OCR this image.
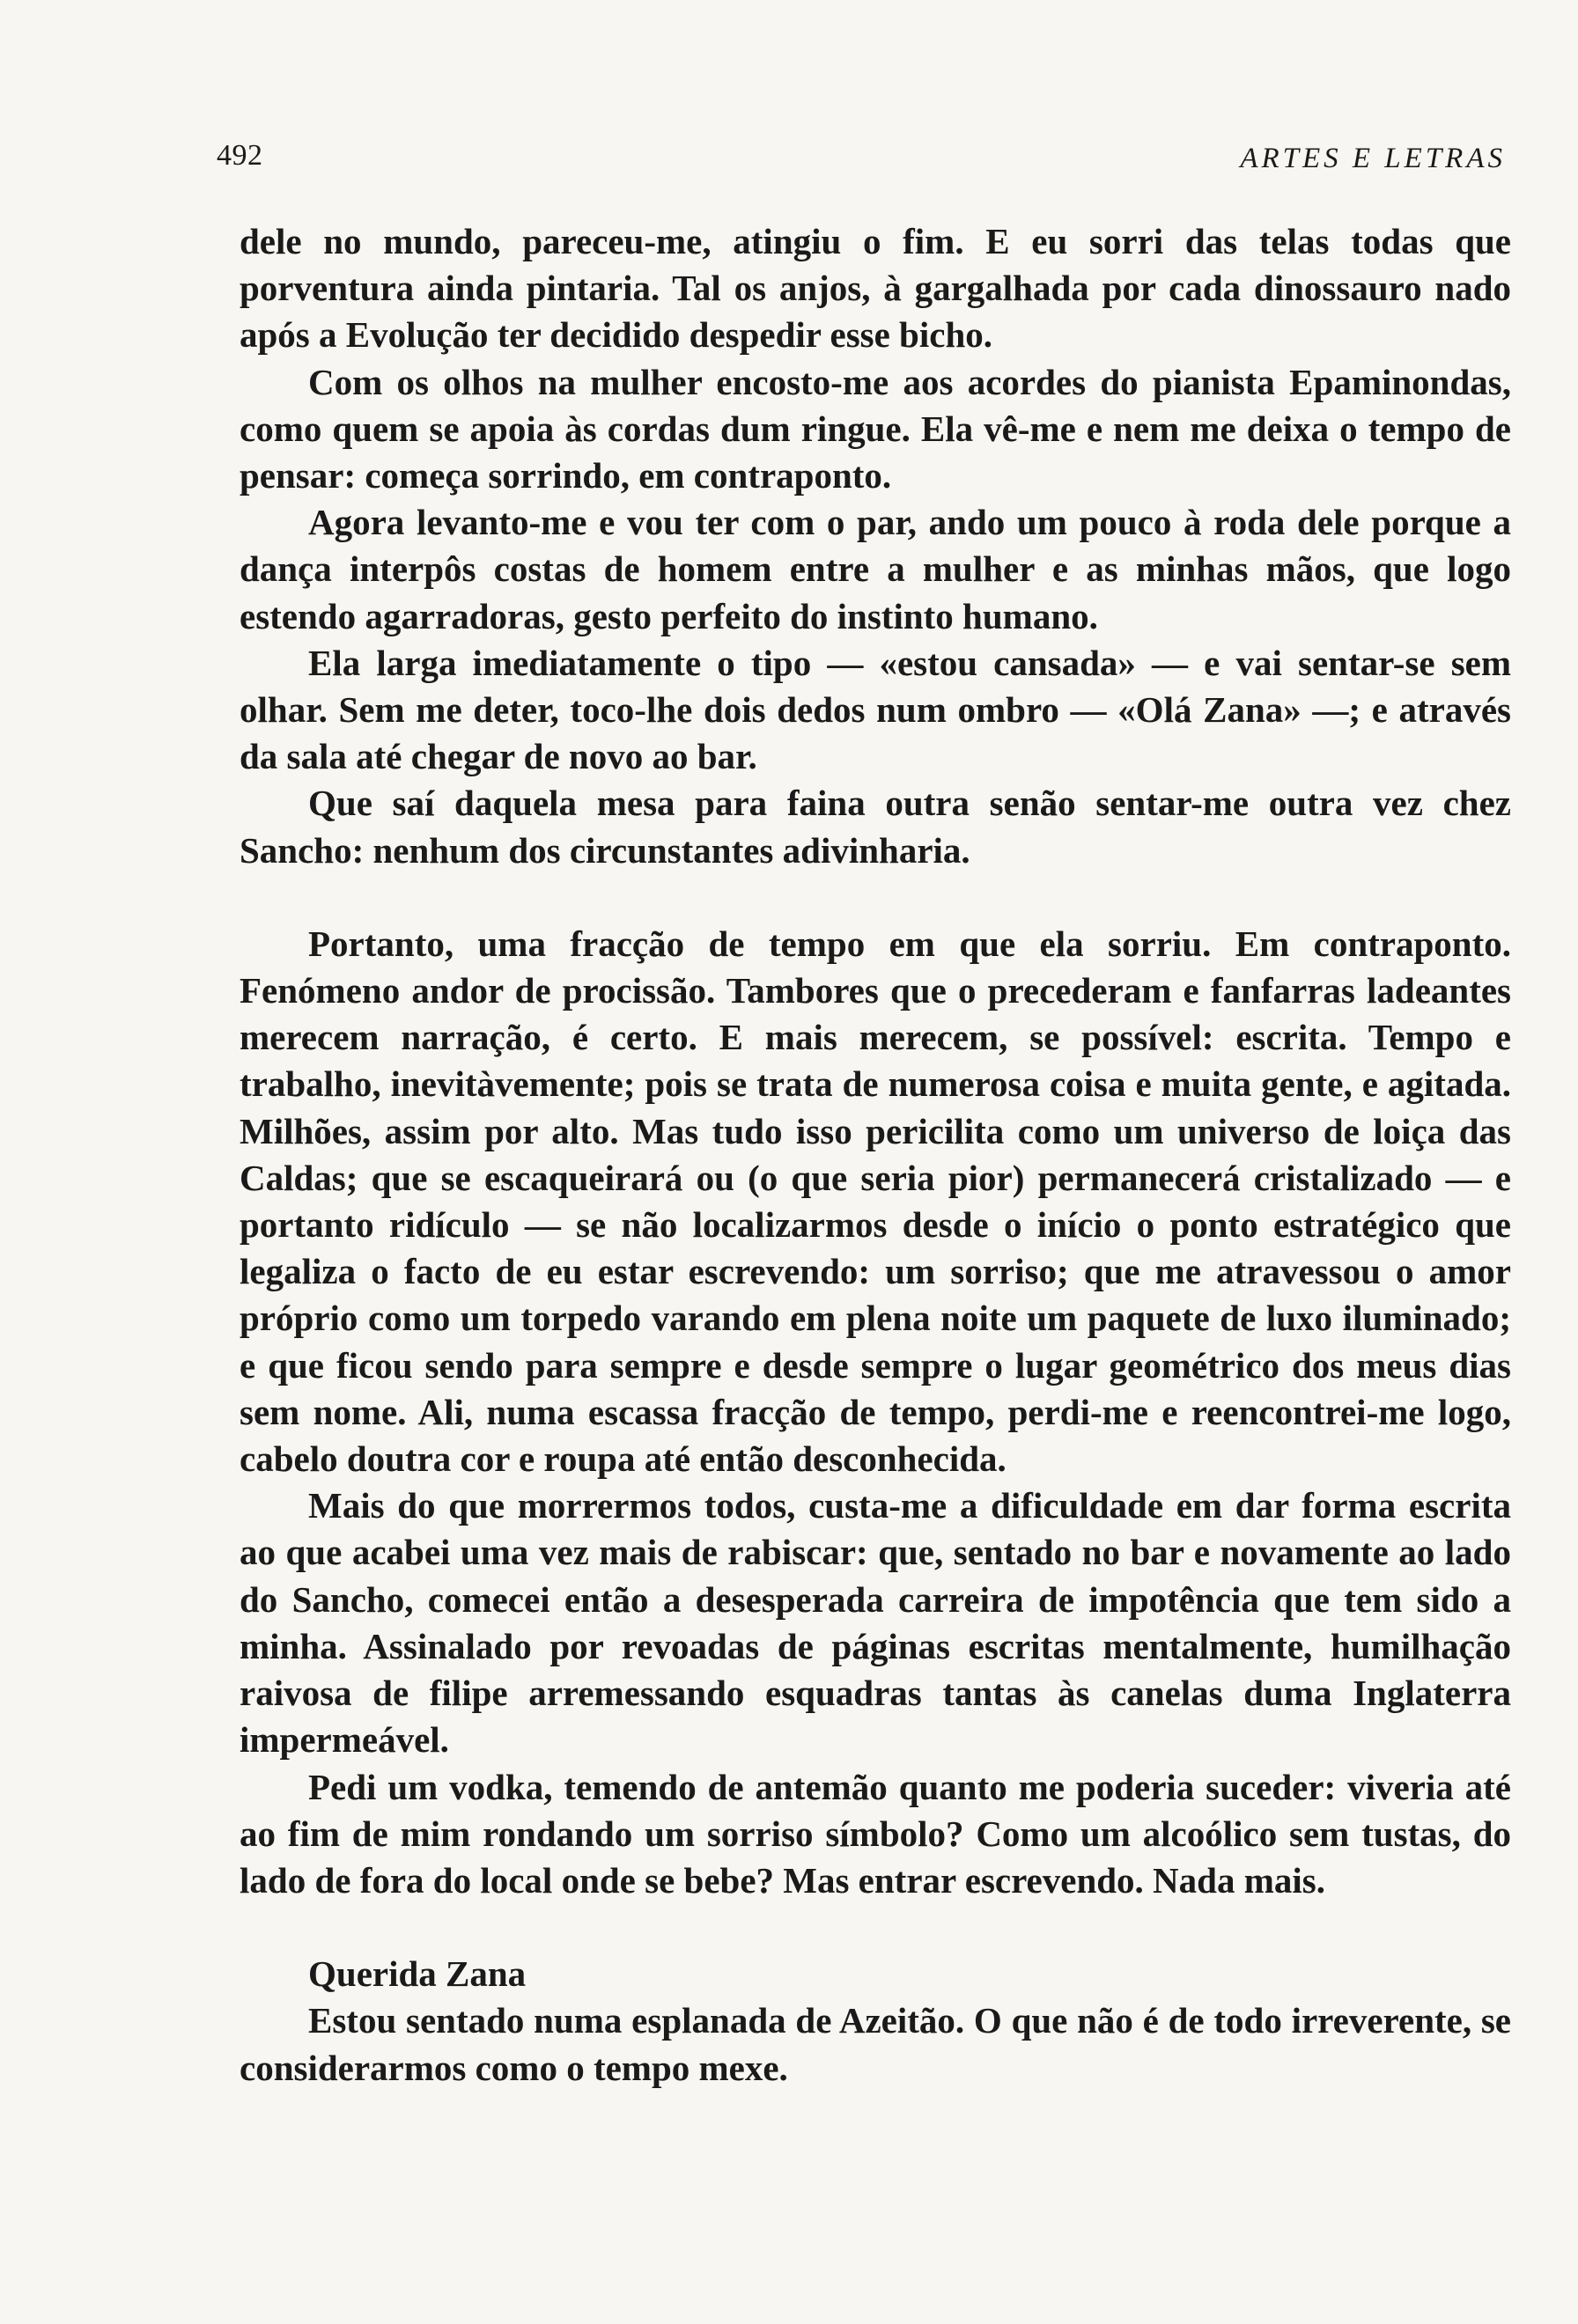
492	ARTES E LETRAS

dele no mundo, pareceu-me, atingiu o fim. E eu sorri das telas todas que porventura ainda pintaria. Tal os anjos, à gargalhada por cada dinossauro nado após a Evolução ter decidido despedir esse bicho.

Com os olhos na mulher encosto-me aos acordes do pianista Epaminondas, como quem se apoia às cordas dum ringue. Ela vê-me e nem me deixa o tempo de pensar: começa sorrindo, em contraponto.

Agora levanto-me e vou ter com o par, ando um pouco à roda dele porque a dança interpôs costas de homem entre a mulher e as minhas mãos, que logo estendo agarradoras, gesto perfeito do instinto humano.

Ela larga imediatamente o tipo — «estou cansada» — e vai sentar-se sem olhar. Sem me deter, toco-lhe dois dedos num ombro — «Olá Zana» —; e através da sala até chegar de novo ao bar.

Que saí daquela mesa para faina outra senão sentar-me outra vez chez Sancho: nenhum dos circunstantes adivinharia.

Portanto, uma fracção de tempo em que ela sorriu. Em contraponto. Fenómeno andor de procissão. Tambores que o precederam e fanfarras ladeantes merecem narração, é certo. E mais merecem, se possível: escrita. Tempo e trabalho, inevitàvemente; pois se trata de numerosa coisa e muita gente, e agitada. Milhões, assim por alto. Mas tudo isso pericilita como um universo de loiça das Caldas; que se escaqueirará ou (o que seria pior) permanecerá cristalizado — e portanto ridículo — se não localizarmos desde o início o ponto estratégico que legaliza o facto de eu estar escrevendo: um sorriso; que me atravessou o amor próprio como um torpedo varando em plena noite um paquete de luxo iluminado; e que ficou sendo para sempre e desde sempre o lugar geométrico dos meus dias sem nome. Ali, numa escassa fracção de tempo, perdi-me e reencontrei-me logo, cabelo doutra cor e roupa até então desconhecida.

Mais do que morrermos todos, custa-me a dificuldade em dar forma escrita ao que acabei uma vez mais de rabiscar: que, sentado no bar e novamente ao lado do Sancho, comecei então a desesperada carreira de impotência que tem sido a minha. Assinalado por revoadas de páginas escritas mentalmente, humilhação raivosa de filipe arremessando esquadras tantas às canelas duma Inglaterra impermeável.

Pedi um vodka, temendo de antemão quanto me poderia suceder: viveria até ao fim de mim rondando um sorriso símbolo? Como um alcoólico sem tustas, do lado de fora do local onde se bebe? Mas entrar escrevendo. Nada mais.

Querida Zana

Estou sentado numa esplanada de Azeitão. O que não é de todo irreverente, se considerarmos como o tempo mexe.
